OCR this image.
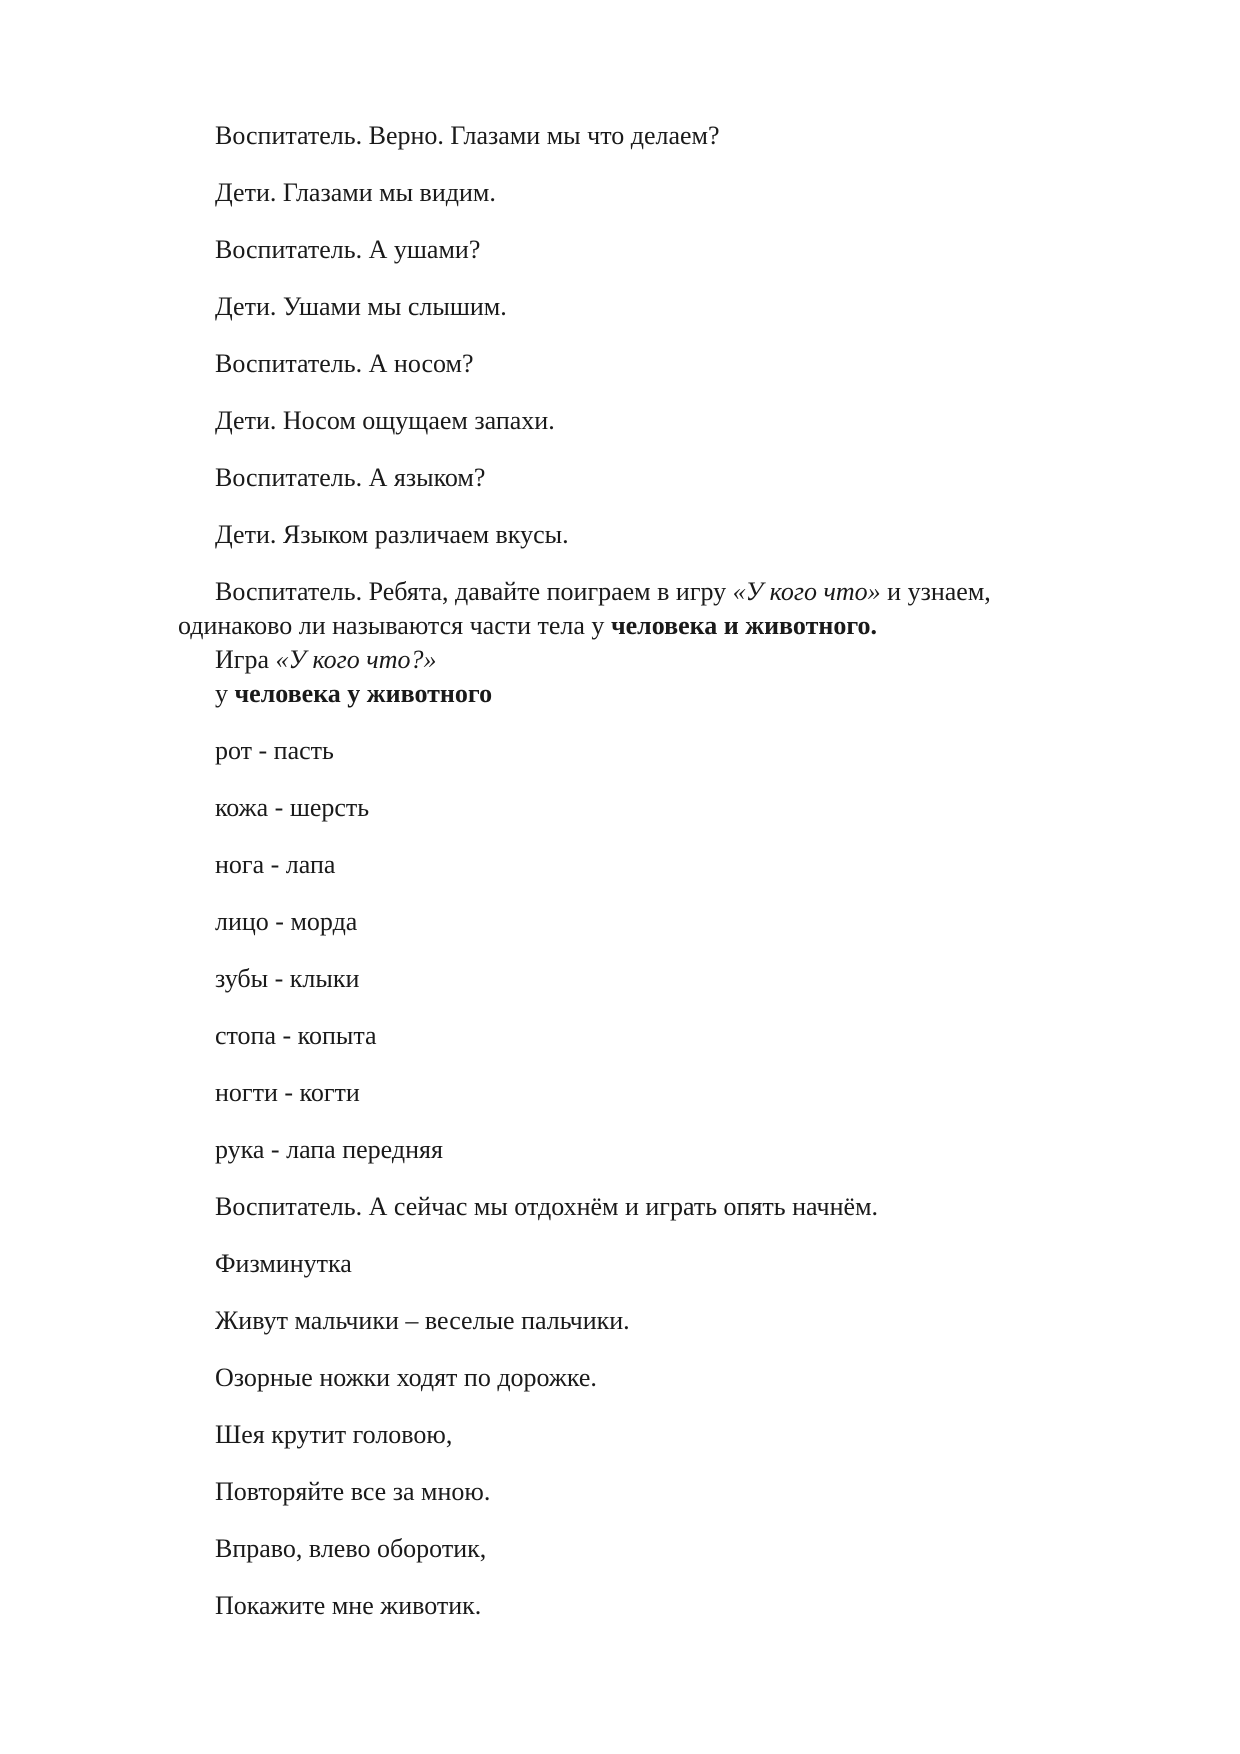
Воспитатель. Верно. Глазами мы что делаем?

Дети. Глазами мы видим.

Воспитатель. А ушами?

Дети. Ушами мы слышим.

Воспитатель. А носом?

Дети. Носом ощущаем запахи.

Воспитатель. А языком?

Дети. Языком различаем вкусы.

Воспитатель. Ребята, давайте поиграем в игру «У кого что» и узнаем,

одинаково ли называются части тела у человека и животного.

Игра «У кого что?»

у человека у животного

рот - пасть

кожа - шерсть

нога - лапа

лицо - морда

зубы - клыки

стопа - копыта

ногти - когти

рука - лапа передняя

Воспитатель. А сейчас мы отдохнём и играть опять начнём.

Физминутка

Живут мальчики – веселые пальчики.

Озорные ножки ходят по дорожке.

Шея крутит головою,

Повторяйте все за мною.

Вправо, влево оборотик,

Покажите мне животик.
